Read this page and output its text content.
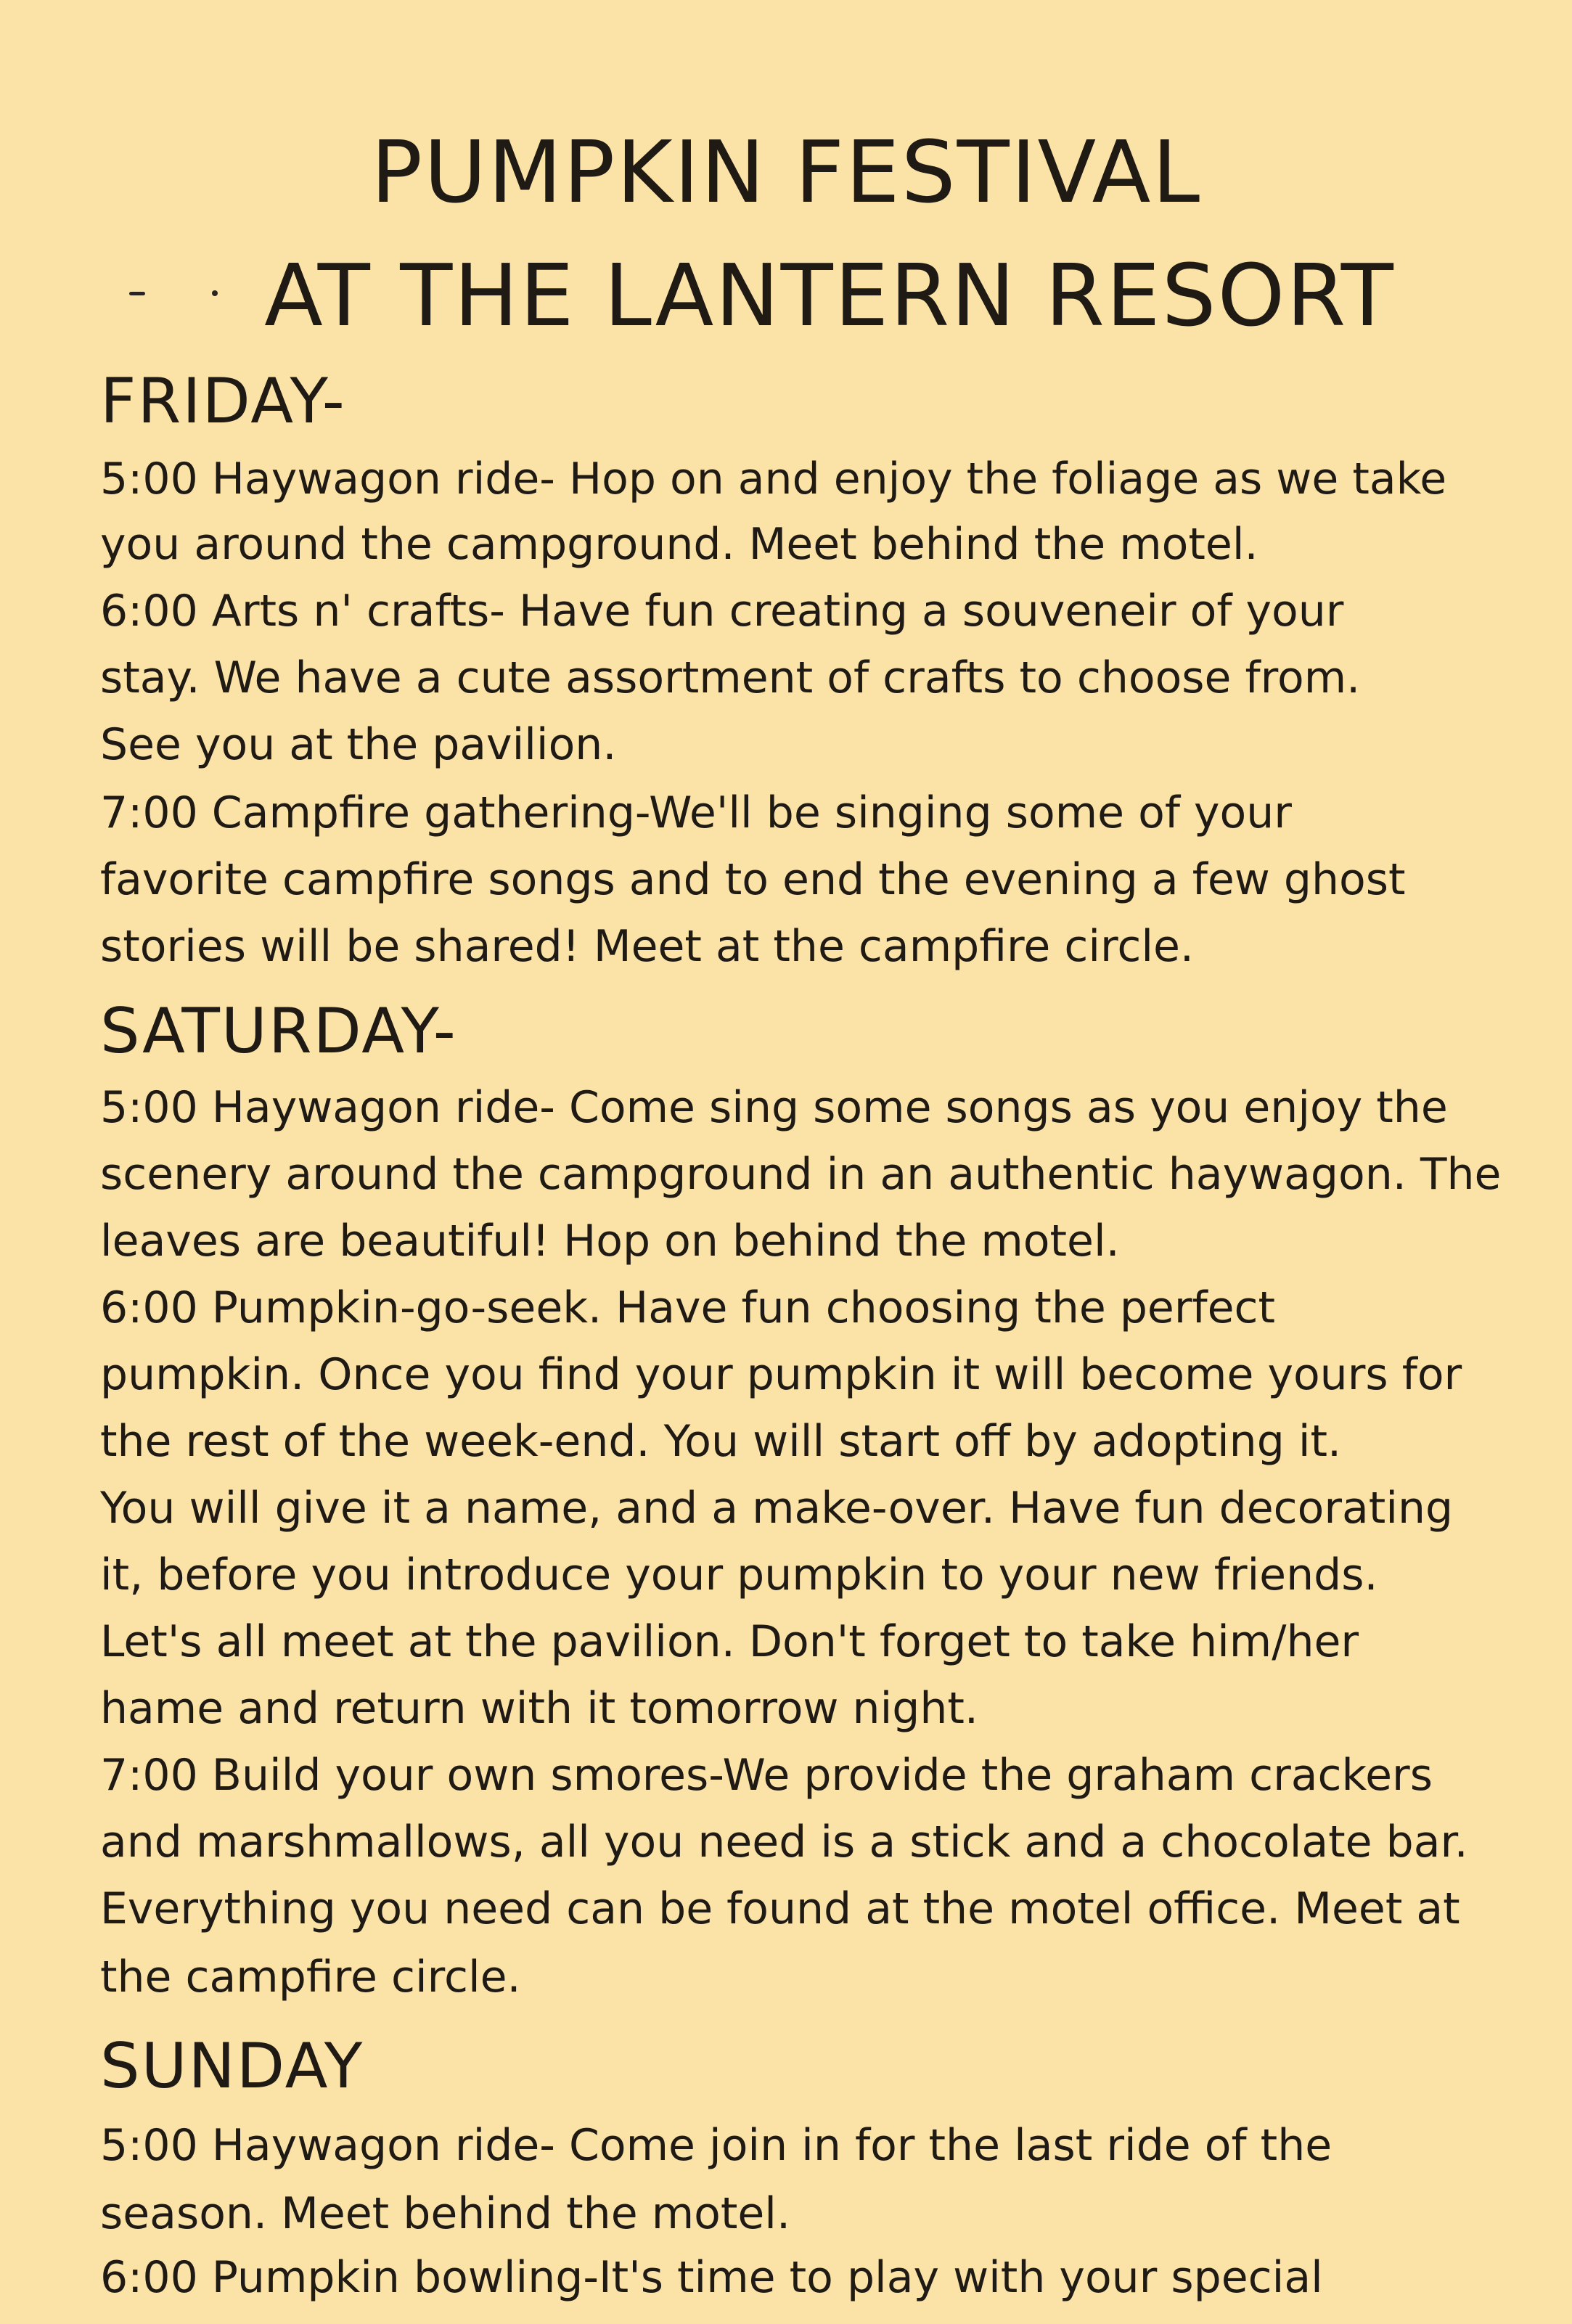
PUMPKIN FESTIVAL
AT THE LANTERN RESORT
FRIDAY-
5:00 Haywagon ride- Hop on and enjoy the foliage as we take
you around the campground. Meet behind the motel.
6:00 Arts n' crafts- Have fun creating a souveneir of your
stay. We have a cute assortment of crafts to choose from.
See you at the pavilion.
7:00 Campfire gathering-We'll be singing some of your
favorite campfire songs and to end the evening a few ghost
stories will be shared! Meet at the campfire circle.
SATURDAY-
5:00 Haywagon ride- Come sing some songs as you enjoy the
scenery around the campground in an authentic haywagon. The
leaves are beautiful! Hop on behind the motel.
6:00 Pumpkin-go-seek. Have fun choosing the perfect
pumpkin. Once you find your pumpkin it will become yours for
the rest of the week-end. You will start off by adopting it.
You will give it a name, and a make-over. Have fun decorating
it, before you introduce your pumpkin to your new friends.
Let's all meet at the pavilion. Don't forget to take him/her
hame and return with it tomorrow night.
7:00 Build your own smores-We provide the graham crackers
and marshmallows, all you need is a stick and a chocolate bar.
Everything you need can be found at the motel office. Meet at
the campfire circle.
SUNDAY
5:00 Haywagon ride- Come join in for the last ride of the
season. Meet behind the motel.
6:00 Pumpkin bowling-It's time to play with your special
